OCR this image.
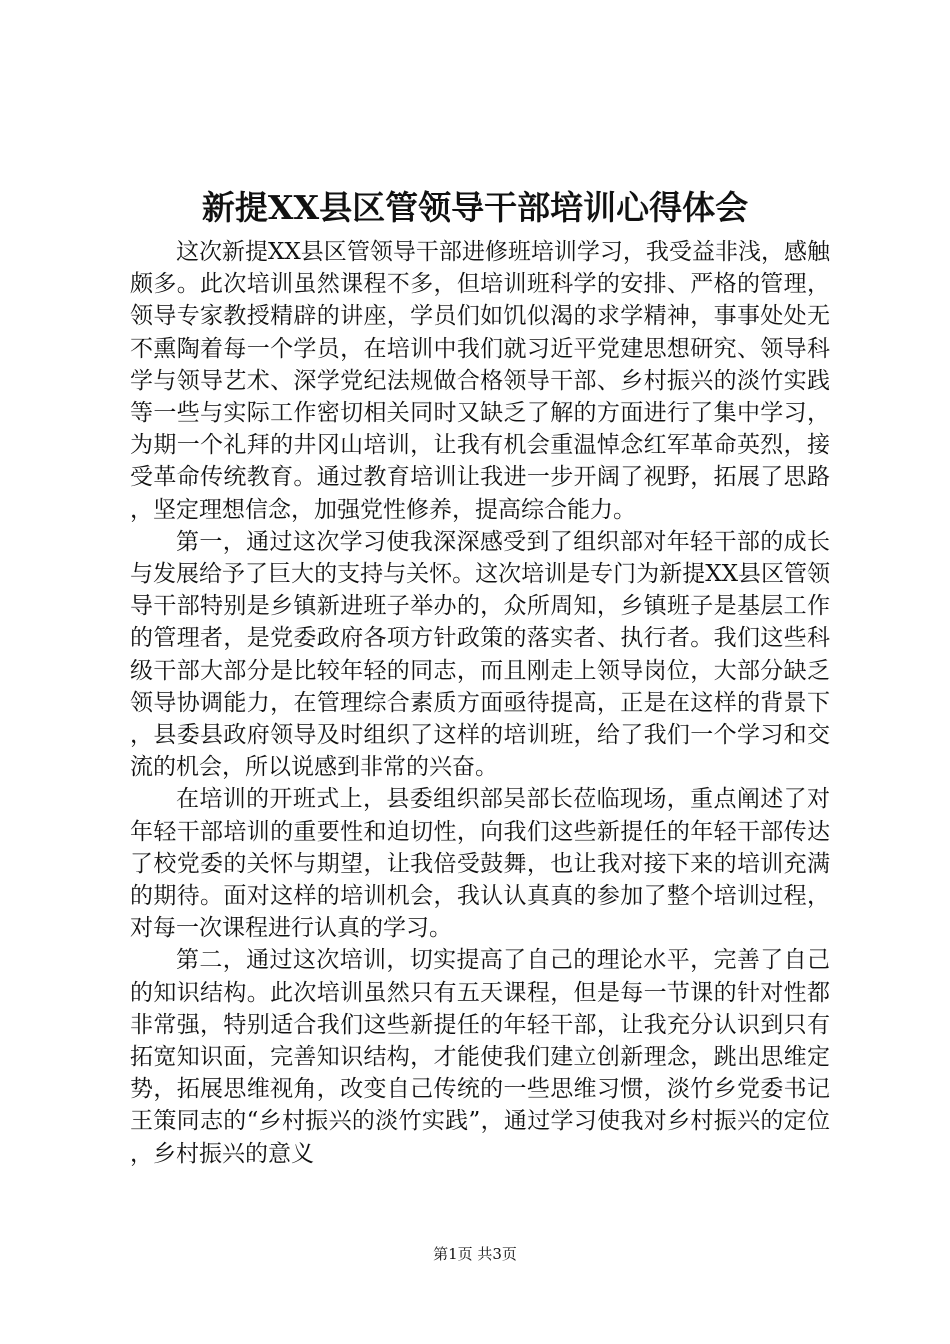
新提XX县区管领导干部培训心得体会

这次新提XX县区管领导干部进修班培训学习，我受益非浅，感触颇多。此次培训虽然课程不多，但培训班科学的安排、严格的管理，领导专家教授精辟的讲座，学员们如饥似渴的求学精神，事事处处无不熏陶着每一个学员，在培训中我们就习近平党建思想研究、领导科学与领导艺术、深学党纪法规做合格领导干部、乡村振兴的淡竹实践等一些与实际工作密切相关同时又缺乏了解的方面进行了集中学习，为期一个礼拜的井冈山培训，让我有机会重温悼念红军革命英烈，接受革命传统教育。通过教育培训让我进一步开阔了视野，拓展了思路，坚定理想信念，加强党性修养，提高综合能力。

第一，通过这次学习使我深深感受到了组织部对年轻干部的成长与发展给予了巨大的支持与关怀。这次培训是专门为新提XX县区管领导干部特别是乡镇新进班子举办的，众所周知，乡镇班子是基层工作的管理者，是党委政府各项方针政策的落实者、执行者。我们这些科级干部大部分是比较年轻的同志，而且刚走上领导岗位，大部分缺乏领导协调能力，在管理综合素质方面亟待提高，正是在这样的背景下，县委县政府领导及时组织了这样的培训班，给了我们一个学习和交流的机会，所以说感到非常的兴奋。

在培训的开班式上，县委组织部吴部长莅临现场，重点阐述了对年轻干部培训的重要性和迫切性，向我们这些新提任的年轻干部传达了校党委的关怀与期望，让我倍受鼓舞，也让我对接下来的培训充满的期待。面对这样的培训机会，我认认真真的参加了整个培训过程，对每一次课程进行认真的学习。

第二，通过这次培训，切实提高了自己的理论水平，完善了自己的知识结构。此次培训虽然只有五天课程，但是每一节课的针对性都非常强，特别适合我们这些新提任的年轻干部，让我充分认识到只有拓宽知识面，完善知识结构，才能使我们建立创新理念，跳出思维定势，拓展思维视角，改变自己传统的一些思维习惯，淡竹乡党委书记王策同志的“乡村振兴的淡竹实践”，通过学习使我对乡村振兴的定位，乡村振兴的意义

第1页 共3页
